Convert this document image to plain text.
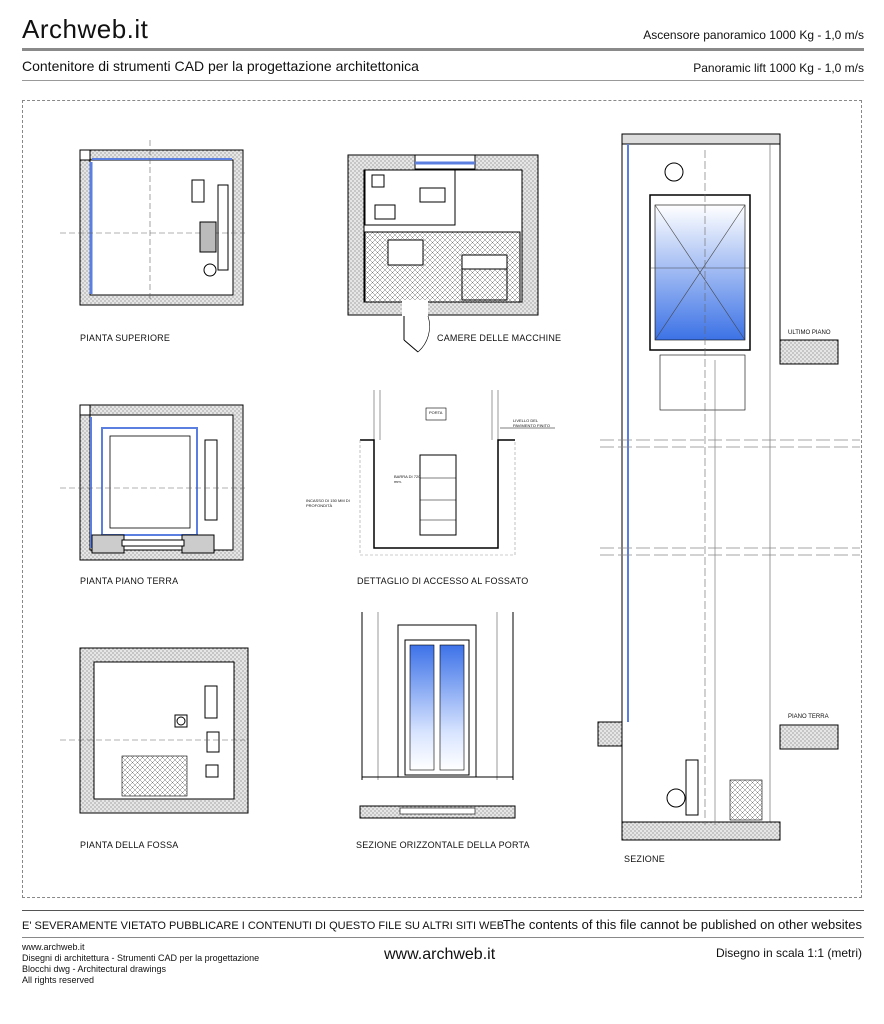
Archweb.it	Ascensore panoramico 1000 Kg - 1,0 m/s
Contenitore di strumenti CAD per la progettazione architettonica	Panoramic lift 1000 Kg - 1,0 m/s
PIANTA SUPERIORE	CAMERE DELLE MACCHINE
PIANTA PIANO TERRA	DETTAGLIO DI ACCESSO AL FOSSATO
PIANTA DELLA FOSSA	SEZIONE ORIZZONTALE DELLA PORTA
SEZIONE
ULTIMO PIANO
PIANO TERRA
PORTA
LIVELLO DEL PAVIMENTO FINITO
BARRA DI 720 mm.
INCASSO DI 150 MM DI PROFONDITÀ
E' SEVERAMENTE VIETATO PUBBLICARE I CONTENUTI DI QUESTO FILE SU ALTRI SITI WEB
The contents of this file cannot be published on other websites
www.archweb.it
Disegni di architettura - Strumenti CAD per la progettazione
Blocchi dwg - Architectural drawings
All rights reserved
www.archweb.it	Disegno in scala 1:1 (metri)
